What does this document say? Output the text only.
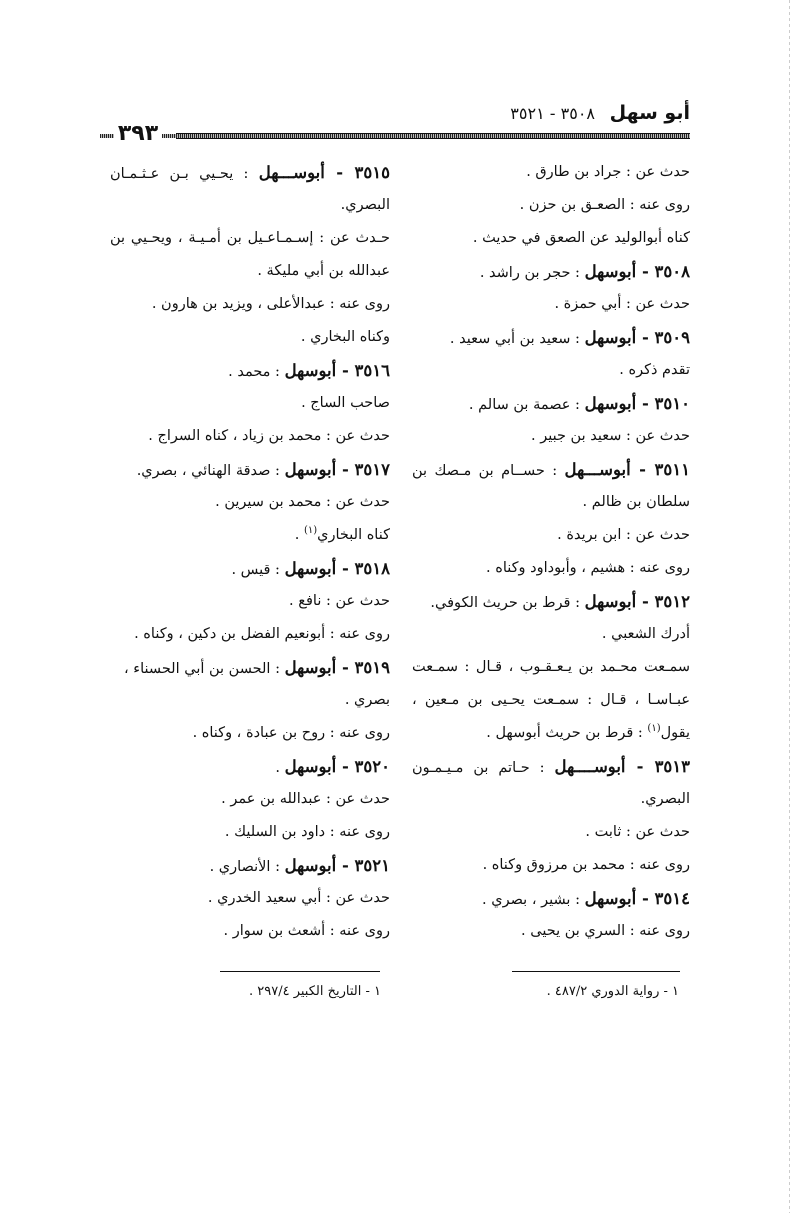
أبو سهل
٣٥٠٨ - ٣٥٢١
٣٩٣
حدث عن : جراد بن طارق .
روى عنه : الصعـق بن حزن .
كناه أبوالوليد عن الصعق في حديث .
٣٥٠٨ - أبوسهل : حجر بن راشد .
حدث عن : أبي حمزة .
٣٥٠٩ - أبوسهل : سعيد بن أبي سعيد .
تقدم ذكره .
٣٥١٠ - أبوسهل : عصمة بن سالم .
حدث عن : سعيد بن جبير .
٣٥١١ - أبوســـهل : حســام بن مـصك بن
سلطان بن ظالم .
حدث عن : ابن بريدة .
روى عنه : هشيم ، وأبوداود وكناه .
٣٥١٢ - أبوسهل : قرط بن حريث الكوفي.
أدرك الشعبي .
سمـعت محـمد بن يـعـقـوب ، قـال : سمـعت
عبـاسـا ، قـال : سمـعت يحـيى بن مـعين ،
يقول$^{(١)}$ : قرط بن حريث أبوسهل .
٣٥١٣ - أبوســــهل : حـاتم بن مـيـمـون
البصري.
حدث عن : ثابت .
روى عنه : محمد بن مرزوق وكناه .
٣٥١٤ - أبوسهل : بشير ، بصري .
روى عنه : السري بن يحيى .
٣٥١٥ - أبوســـهل : يحـيي بـن عـثـمـان
البصري.
حـدث عن : إسـمـاعـيل بن أمـيـة ، ويحـيي بن
عبدالله بن أبي مليكة .
روى عنه : عبدالأعلى ، ويزيد بن هارون .
وكناه البخاري .
٣٥١٦ - أبوسهل : محمد .
صاحب الساج .
حدث عن : محمد بن زياد ، كناه السراج .
٣٥١٧ - أبوسهل : صدقة الهنائي ، بصري.
حدث عن : محمد بن سيرين .
كناه البخاري$^{(١)}$ .
٣٥١٨ - أبوسهل : قيس .
حدث عن : نافع .
روى عنه : أبونعيم الفضل بن دكين ، وكناه .
٣٥١٩ - أبوسهل : الحسن بن أبي الحسناء ،
بصري .
روى عنه : روح بن عبادة ، وكناه .
٣٥٢٠ - أبوسهل .
حدث عن : عبدالله بن عمر .
روى عنه : داود بن السليك .
٣٥٢١ - أبوسهل : الأنصاري .
حدث عن : أبي سعيد الخدري .
روى عنه : أشعث بن سوار .
١ - رواية الدوري ٤٨٧/٢ .
١ - التاريخ الكبير ٢٩٧/٤ .
